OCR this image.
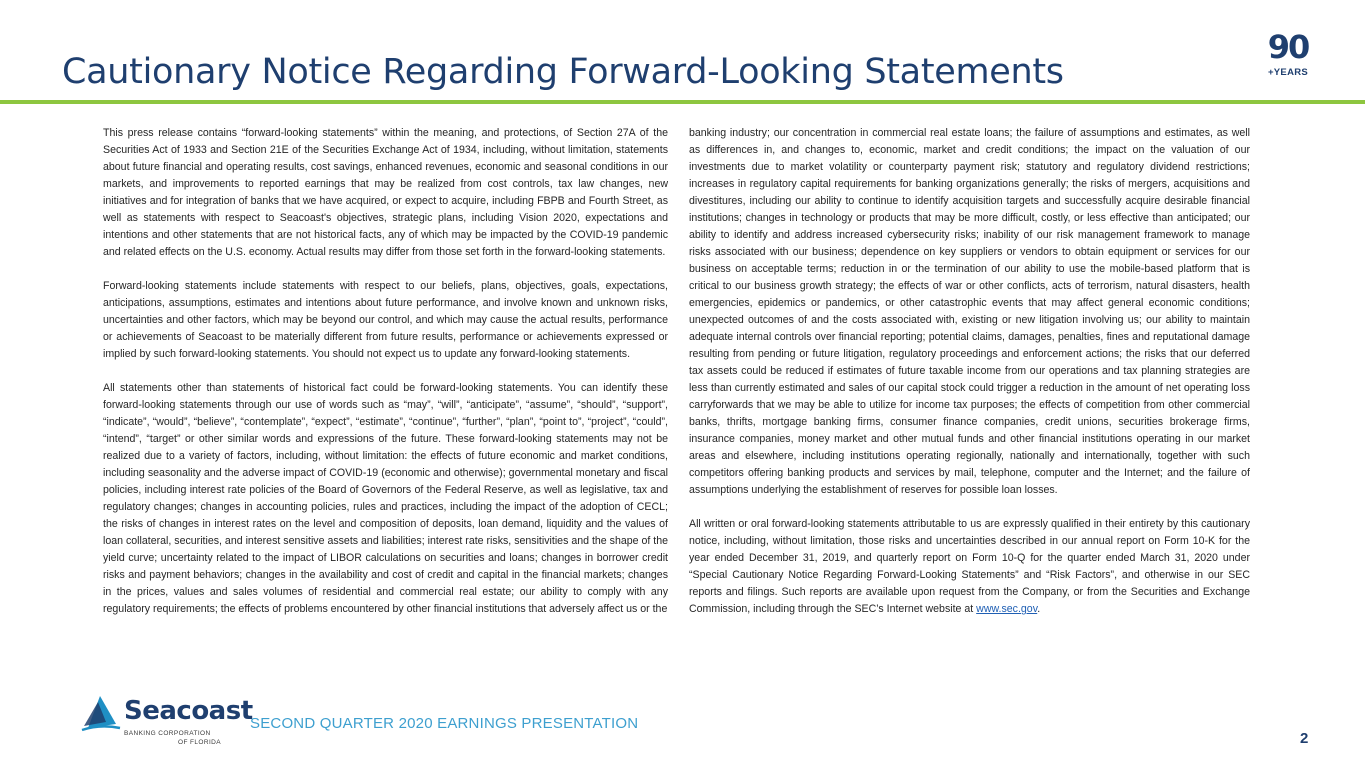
Cautionary Notice Regarding Forward-Looking Statements
90
+YEARS

This press release contains “forward-looking statements” within the meaning, and protections, of Section 27A of the Securities Act of 1933 and Section 21E of the Securities Exchange Act of 1934, including, without limitation, statements about future financial and operating results, cost savings, enhanced revenues, economic and seasonal conditions in our markets, and improvements to reported earnings that may be realized from cost controls, tax law changes, new initiatives and for integration of banks that we have acquired, or expect to acquire, including FBPB and Fourth Street, as well as statements with respect to Seacoast's objectives, strategic plans, including Vision 2020, expectations and intentions and other statements that are not historical facts, any of which may be impacted by the COVID-19 pandemic and related effects on the U.S. economy. Actual results may differ from those set forth in the forward-looking statements.

Forward-looking statements include statements with respect to our beliefs, plans, objectives, goals, expectations, anticipations, assumptions, estimates and intentions about future performance, and involve known and unknown risks, uncertainties and other factors, which may be beyond our control, and which may cause the actual results, performance or achievements of Seacoast to be materially different from future results, performance or achievements expressed or implied by such forward-looking statements. You should not expect us to update any forward-looking statements.

All statements other than statements of historical fact could be forward-looking statements. You can identify these forward-looking statements through our use of words such as “may”, “will”, “anticipate”, “assume”, “should”, “support”, “indicate”, “would”, “believe”, “contemplate”, “expect”, “estimate”, “continue”, “further”, “plan”, “point to”, “project”, “could”, “intend”, “target” or other similar words and expressions of the future. These forward-looking statements may not be realized due to a variety of factors, including, without limitation: the effects of future economic and market conditions, including seasonality and the adverse impact of COVID-19 (economic and otherwise); governmental monetary and fiscal policies, including interest rate policies of the Board of Governors of the Federal Reserve, as well as legislative, tax and regulatory changes; changes in accounting policies, rules and practices, including the impact of the adoption of CECL; the risks of changes in interest rates on the level and composition of deposits, loan demand, liquidity and the values of loan collateral, securities, and interest sensitive assets and liabilities; interest rate risks, sensitivities and the shape of the yield curve; uncertainty related to the impact of LIBOR calculations on securities and loans; changes in borrower credit risks and payment behaviors; changes in the availability and cost of credit and capital in the financial markets; changes in the prices, values and sales volumes of residential and commercial real estate; our ability to comply with any regulatory requirements; the effects of problems encountered by other financial institutions that adversely affect us or the

banking industry; our concentration in commercial real estate loans; the failure of assumptions and estimates, as well as differences in, and changes to, economic, market and credit conditions; the impact on the valuation of our investments due to market volatility or counterparty payment risk; statutory and regulatory dividend restrictions; increases in regulatory capital requirements for banking organizations generally; the risks of mergers, acquisitions and divestitures, including our ability to continue to identify acquisition targets and successfully acquire desirable financial institutions; changes in technology or products that may be more difficult, costly, or less effective than anticipated; our ability to identify and address increased cybersecurity risks; inability of our risk management framework to manage risks associated with our business; dependence on key suppliers or vendors to obtain equipment or services for our business on acceptable terms; reduction in or the termination of our ability to use the mobile-based platform that is critical to our business growth strategy; the effects of war or other conflicts, acts of terrorism, natural disasters, health emergencies, epidemics or pandemics, or other catastrophic events that may affect general economic conditions; unexpected outcomes of and the costs associated with, existing or new litigation involving us; our ability to maintain adequate internal controls over financial reporting; potential claims, damages, penalties, fines and reputational damage resulting from pending or future litigation, regulatory proceedings and enforcement actions; the risks that our deferred tax assets could be reduced if estimates of future taxable income from our operations and tax planning strategies are less than currently estimated and sales of our capital stock could trigger a reduction in the amount of net operating loss carryforwards that we may be able to utilize for income tax purposes; the effects of competition from other commercial banks, thrifts, mortgage banking firms, consumer finance companies, credit unions, securities brokerage firms, insurance companies, money market and other mutual funds and other financial institutions operating in our market areas and elsewhere, including institutions operating regionally, nationally and internationally, together with such competitors offering banking products and services by mail, telephone, computer and the Internet; and the failure of assumptions underlying the establishment of reserves for possible loan losses.

All written or oral forward-looking statements attributable to us are expressly qualified in their entirety by this cautionary notice, including, without limitation, those risks and uncertainties described in our annual report on Form 10-K for the year ended December 31, 2019, and quarterly report on Form 10-Q for the quarter ended March 31, 2020 under “Special Cautionary Notice Regarding Forward-Looking Statements” and “Risk Factors”, and otherwise in our SEC reports and filings. Such reports are available upon request from the Company, or from the Securities and Exchange Commission, including through the SEC’s Internet website at www.sec.gov.

Seacoast
BANKING CORPORATION
OF FLORIDA
SECOND QUARTER 2020 EARNINGS PRESENTATION
2
